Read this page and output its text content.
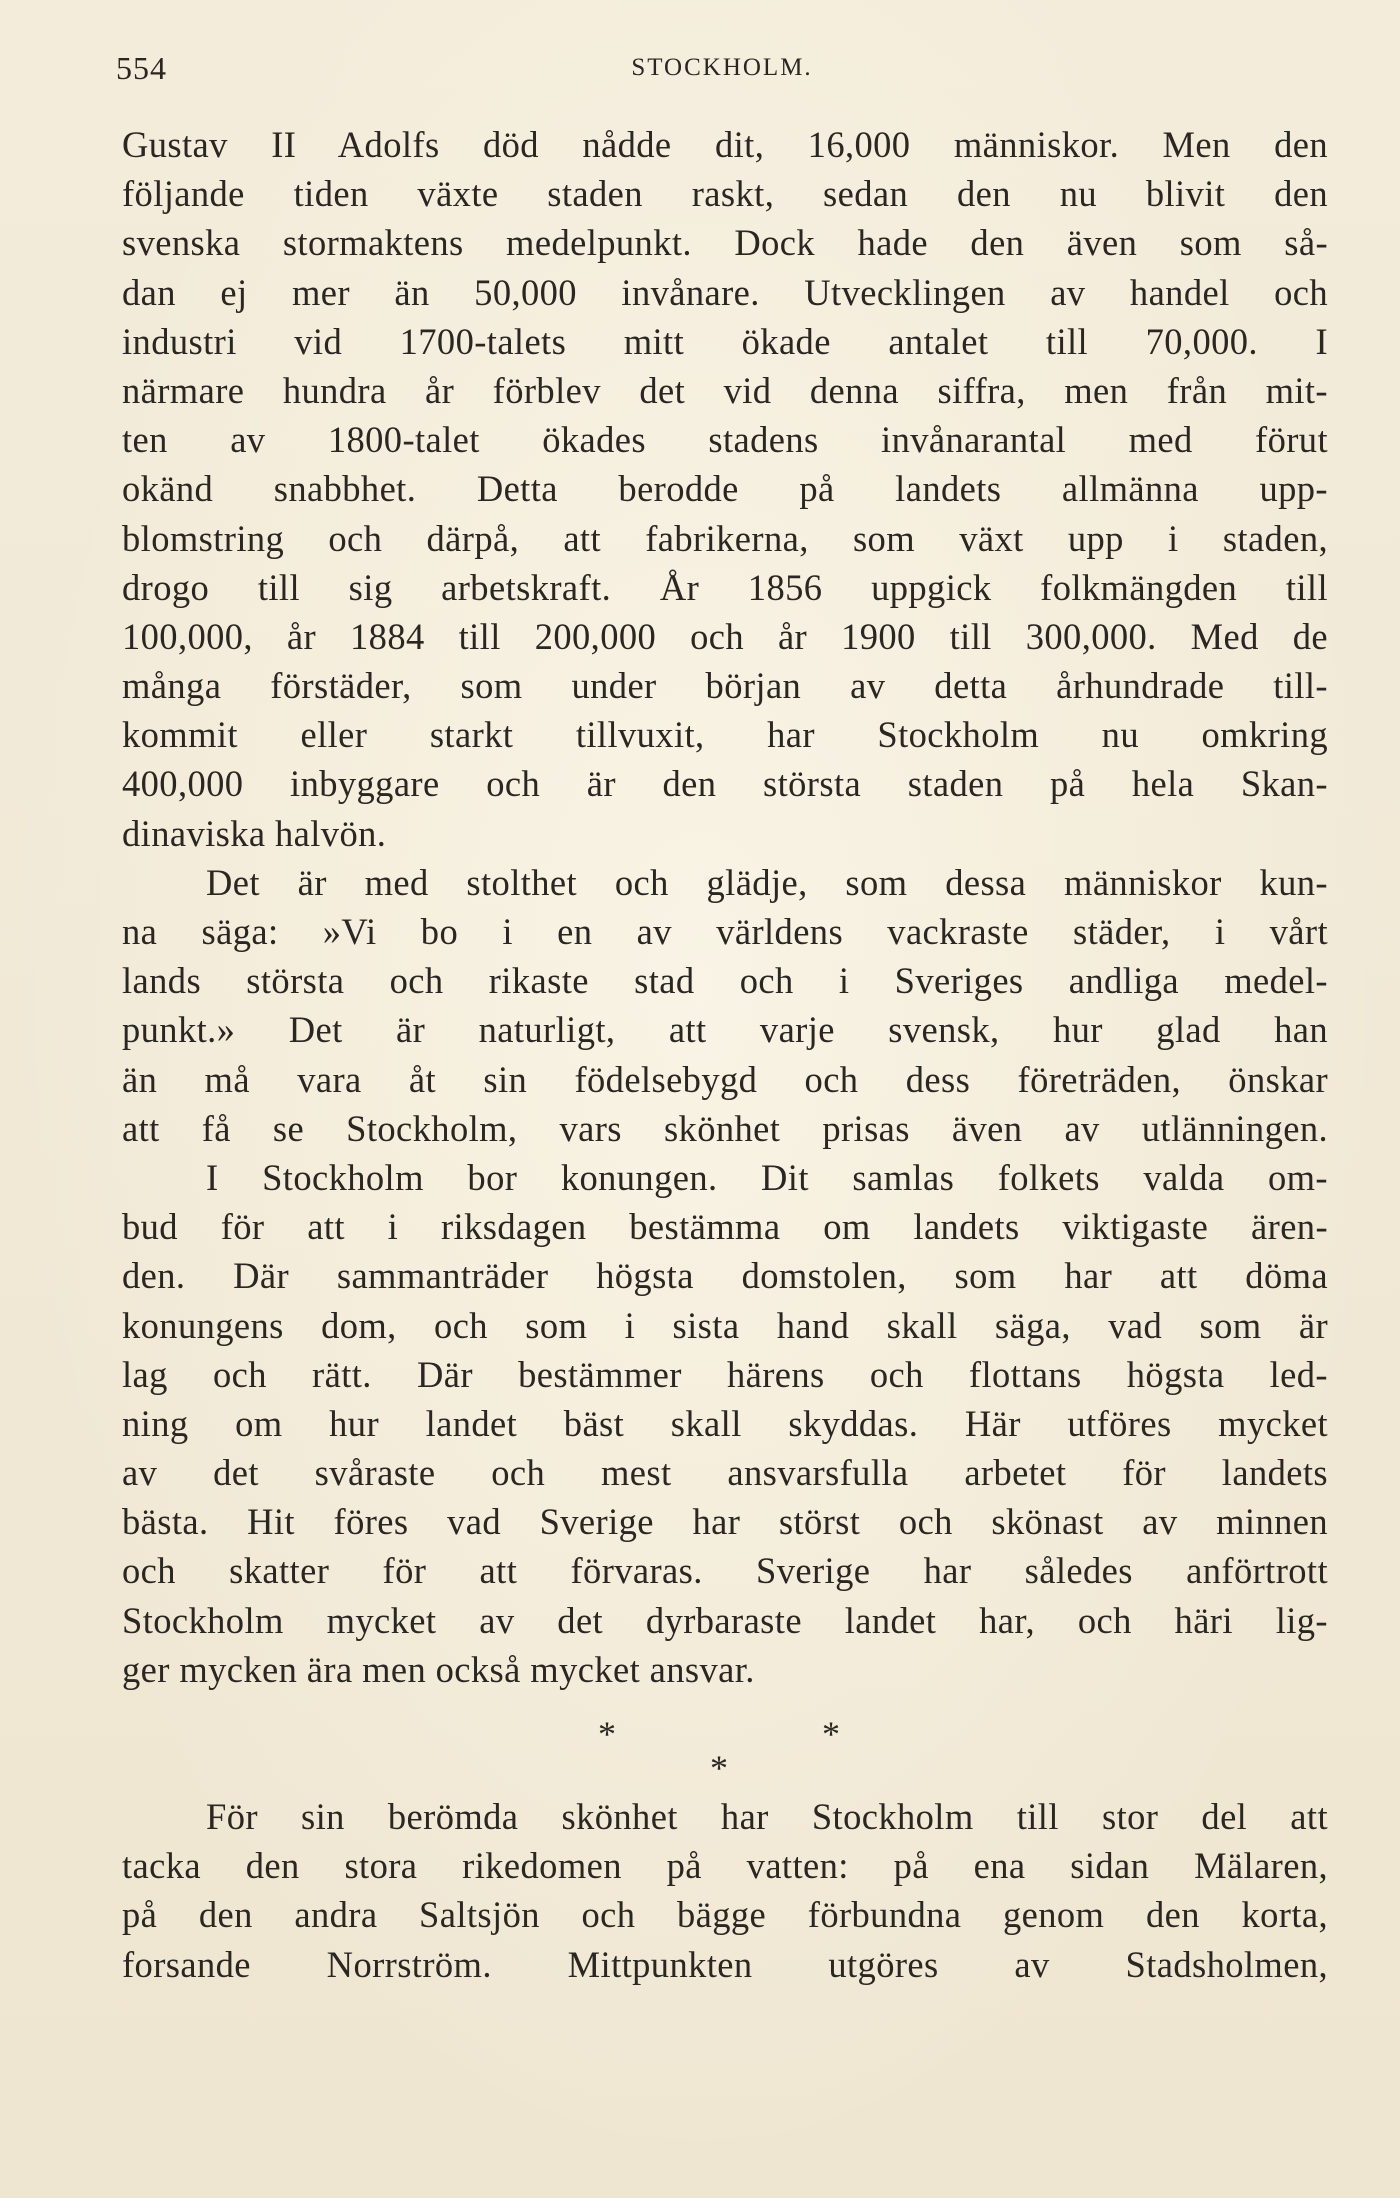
554	STOCKHOLM.
Gustav II Adolfs död nådde dit, 16,000 människor. Men den
följande tiden växte staden raskt, sedan den nu blivit den
svenska stormaktens medelpunkt. Dock hade den även som så-
dan ej mer än 50,000 invånare. Utvecklingen av handel och
industri vid 1700-talets mitt ökade antalet till 70,000. I
närmare hundra år förblev det vid denna siffra, men från mit-
ten av 1800-talet ökades stadens invånarantal med förut
okänd snabbhet. Detta berodde på landets allmänna upp-
blomstring och därpå, att fabrikerna, som växt upp i staden,
drogo till sig arbetskraft. År 1856 uppgick folkmängden till
100,000, år 1884 till 200,000 och år 1900 till 300,000. Med de
många förstäder, som under början av detta århundrade till-
kommit eller starkt tillvuxit, har Stockholm nu omkring
400,000 inbyggare och är den största staden på hela Skan-
dinaviska halvön.
Det är med stolthet och glädje, som dessa människor kun-
na säga: »Vi bo i en av världens vackraste städer, i vårt
lands största och rikaste stad och i Sveriges andliga medel-
punkt.» Det är naturligt, att varje svensk, hur glad han
än må vara åt sin födelsebygd och dess företräden, önskar
att få se Stockholm, vars skönhet prisas även av utlänningen.
I Stockholm bor konungen. Dit samlas folkets valda om-
bud för att i riksdagen bestämma om landets viktigaste ären-
den. Där sammanträder högsta domstolen, som har att döma
konungens dom, och som i sista hand skall säga, vad som är
lag och rätt. Där bestämmer härens och flottans högsta led-
ning om hur landet bäst skall skyddas. Här utföres mycket
av det svåraste och mest ansvarsfulla arbetet för landets
bästa. Hit föres vad Sverige har störst och skönast av minnen
och skatter för att förvaras. Sverige har således anförtrott
Stockholm mycket av det dyrbaraste landet har, och häri lig-
ger mycken ära men också mycket ansvar.
*	*
*
För sin berömda skönhet har Stockholm till stor del att
tacka den stora rikedomen på vatten: på ena sidan Mälaren,
på den andra Saltsjön och bägge förbundna genom den korta,
forsande Norrström. Mittpunkten utgöres av Stadsholmen,
